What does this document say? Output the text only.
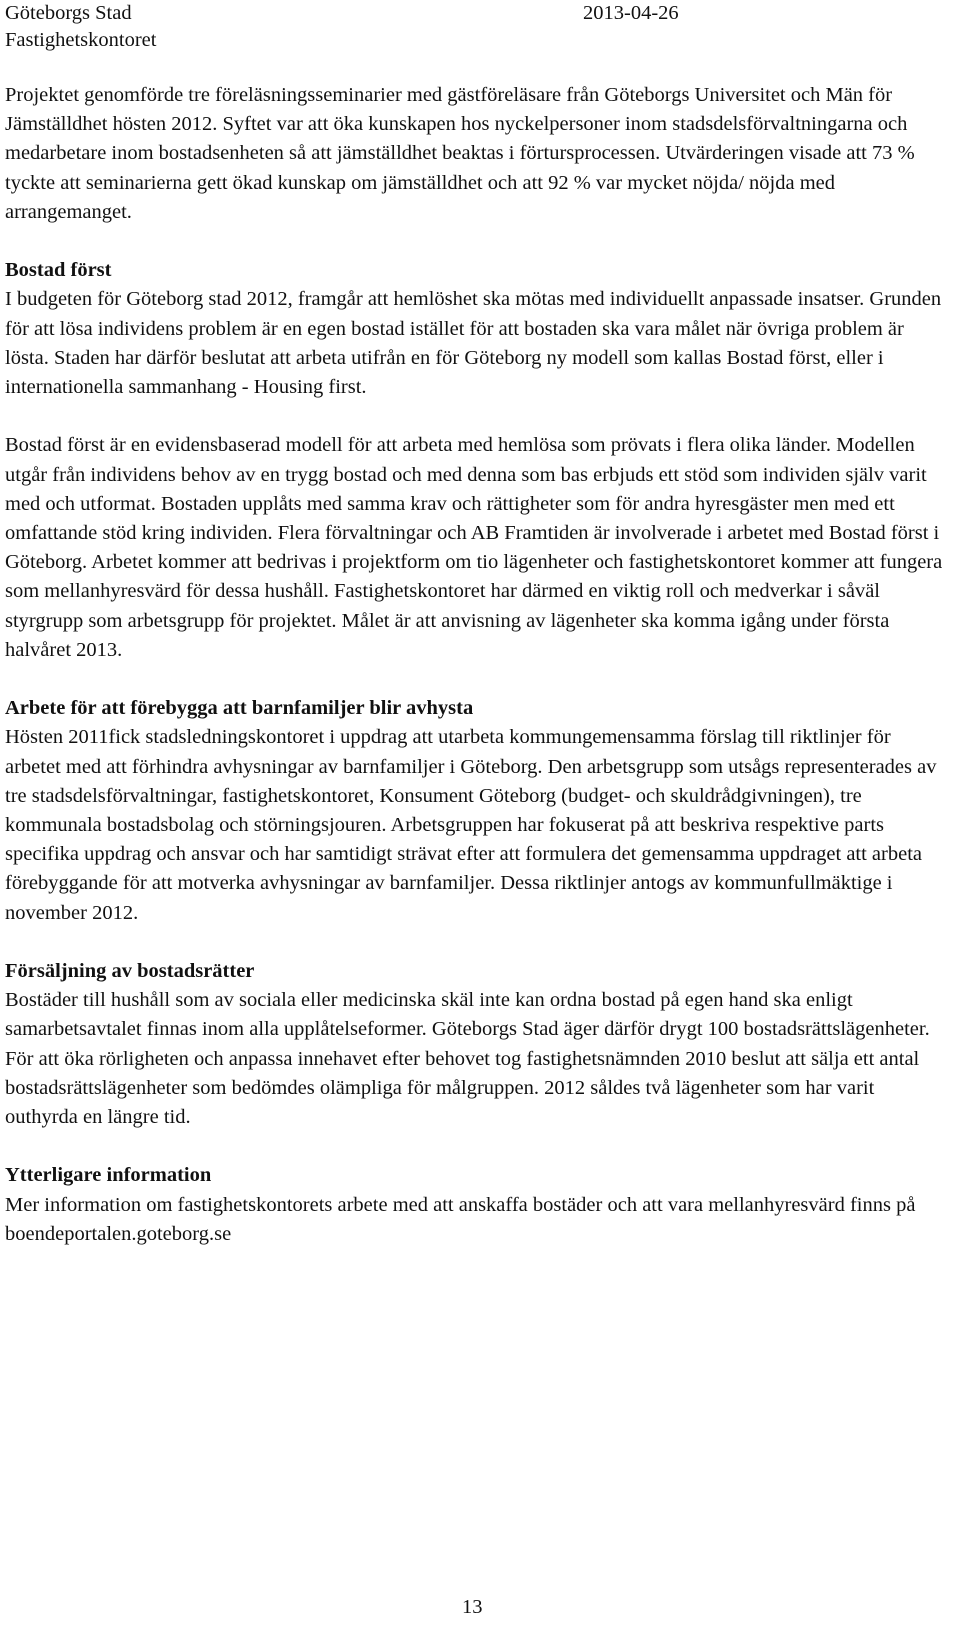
Göteborgs Stad	2013-04-26
Fastighetskontoret

Projektet genomförde tre föreläsningsseminarier med gästföreläsare från Göteborgs Universitet och Män för Jämställdhet hösten 2012. Syftet var att öka kunskapen hos nyckelpersoner inom stadsdelsförvaltningarna och medarbetare inom bostadsenheten så att jämställdhet beaktas i förtursprocessen. Utvärderingen visade att 73 % tyckte att seminarierna gett ökad kunskap om jämställdhet och att 92 % var mycket nöjda/ nöjda med arrangemanget.

Bostad först

I budgeten för Göteborg stad 2012, framgår att hemlöshet ska mötas med individuellt anpassade insatser. Grunden för att lösa individens problem är en egen bostad istället för att bostaden ska vara målet när övriga problem är lösta. Staden har därför beslutat att arbeta utifrån en för Göteborg ny modell som kallas Bostad först, eller i internationella sammanhang - Housing first.

Bostad först är en evidensbaserad modell för att arbeta med hemlösa som prövats i flera olika länder. Modellen utgår från individens behov av en trygg bostad och med denna som bas erbjuds ett stöd som individen själv varit med och utformat. Bostaden upplåts med samma krav och rättigheter som för andra hyresgäster men med ett omfattande stöd kring individen. Flera förvaltningar och AB Framtiden är involverade i arbetet med Bostad först i Göteborg. Arbetet kommer att bedrivas i projektform om tio lägenheter och fastighetskontoret kommer att fungera som mellanhyresvärd för dessa hushåll. Fastighetskontoret har därmed en viktig roll och medverkar i såväl styrgrupp som arbetsgrupp för projektet. Målet är att anvisning av lägenheter ska komma igång under första halvåret 2013.

Arbete för att förebygga att barnfamiljer blir avhysta

Hösten 2011fick stadsledningskontoret i uppdrag att utarbeta kommungemensamma förslag till riktlinjer för arbetet med att förhindra avhysningar av barnfamiljer i Göteborg. Den arbetsgrupp som utsågs representerades av tre stadsdelsförvaltningar, fastighetskontoret, Konsument Göteborg (budget- och skuldrådgivningen), tre kommunala bostadsbolag och störningsjouren. Arbetsgruppen har fokuserat på att beskriva respektive parts specifika uppdrag och ansvar och har samtidigt strävat efter att formulera det gemensamma uppdraget att arbeta förebyggande för att motverka avhysningar av barnfamiljer. Dessa riktlinjer antogs av kommunfullmäktige i november 2012.

Försäljning av bostadsrätter

Bostäder till hushåll som av sociala eller medicinska skäl inte kan ordna bostad på egen hand ska enligt samarbetsavtalet finnas inom alla upplåtelseformer. Göteborgs Stad äger därför drygt 100 bostadsrättslägenheter. För att öka rörligheten och anpassa innehavet efter behovet tog fastighetsnämnden 2010 beslut att sälja ett antal bostadsrättslägenheter som bedömdes olämpliga för målgruppen. 2012 såldes två lägenheter som har varit outhyrda en längre tid.

Ytterligare information

Mer information om fastighetskontorets arbete med att anskaffa bostäder och att vara mellanhyresvärd finns på boendeportalen.goteborg.se

13
